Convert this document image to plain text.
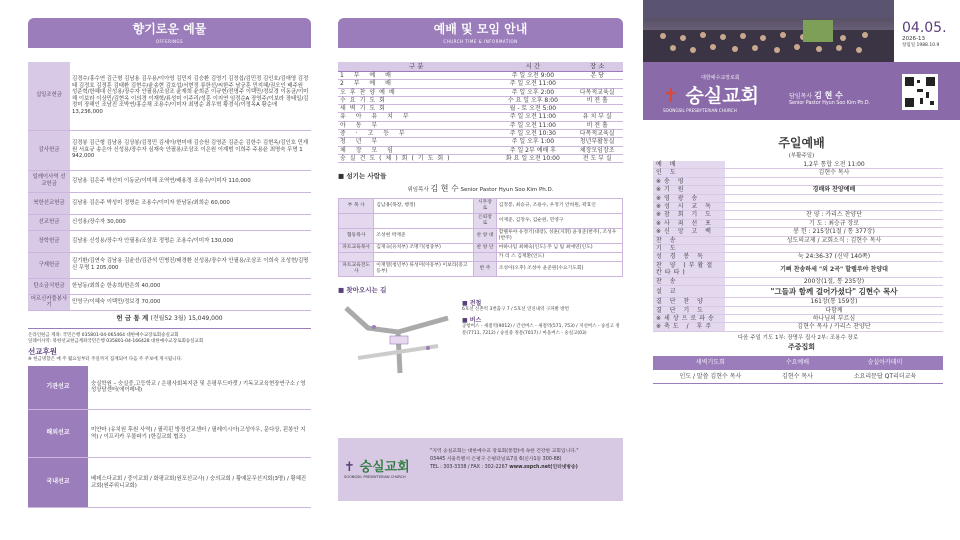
향기로운 예물
OFFERINGS
십일조헌금	김경수/홍수연 김근형 김남용 김우용/이아영 김민지 김승환 김영기 김정섭/김민정 김인호/김애영 김정태 김정호 김정훈 김태환 김현수/윤송현 김호섭/서현정 류한선/씨한주 남궁훈 민지혜/권오인 배주원 성준혁/한혜대 신성용/장수자 안필용/조삼조 윤재희 윤희준 이규현/전명주 이택만/정보경 이동균/이미해 이보라 이상민/김현옥 이의경 이재혁/류성미 이주리/성훈 이지연 임정순A 장영주/이보라 장태일/김정미 장해인 조남진 조박연/홍순채 조용수/이미자 최명순 최우혁 황경식/이정옥A 황순애 13,236,000
감사헌금	김경봉 김근형 김남용 김상봉/김정민 김세아/현미애 김승원 김영준 김준순 김한수 김현옥/김인호 민재원 서효규 송은아 신성용/장수자 심재숙 안필용/조삼조 이은원 이재범 이희주 주용윤 최명숙 무명 1 942,000
일례이사역 선교헌금	김남용 김은주 박선미 이동균/이미해 조역연/배용정 조용수/이미자 110,000
북한선교헌금	김남용 김은주 박성미 정명순 조용수/이미자 한남동/최희순 60,000
선교헌금	신성용/장수자 30,000
장학헌금	김남용 신성용/장수자 안필용/조삼조 정명순 조용수/이미자 130,000
구제헌금	김기환/김연숙 김남용 김윤선/김관석 민병진/배경환 신성용/장수자 안필용/조삼조 이희숙 조성현/김명신 무명 1 205,000
탄소금식헌금	한남동/최희순 한송희/한은희 40,000
어르신카풀봉사기	민영구/이혜숙 이택만/정보경 70,000
헌 금 통 계 (전월52 3월) 15,049,000	
온라인헌금 계좌: 국민은행 035801-04-065464 대한예수교장로회숭실교회
일례이사역: 북한선교헌금계좌국민은행 035801-04-166428 대한예수교장로회숭실교회
선교후원
※ 헌금명할은 매 주 월요일부터 주일까지 집계되어 다음 주 주보에 게시됩니다.
기관선교	숭실학원 – 숭실중,고등학교 / 은평사회복지관 및 은평푸드마켓 / 기독교교육현장연구소 / 영성상담센터(에이레네)
해외선교	미얀마 (유치원 후원 사역) / 필리핀 방정선교센터 / 필레이시아(고성아우, 문다상, 핀봉안 지역) / 이프리카 우물파기 (한길교회 협조)
국내선교	베데스다교회 / 중이교회 / 화평교회(원포선교사) / 숭의교회 / 황예문무선지회(3명) / 황혜진교회(원주위니교회)
예배 및 모임 안내
CHURCH TIME & INFORMATION
구 분	시 간	장 소
1 부 예 배	주 일 오전 9:00	본 당
2 부 예 배	주 일 오전 11:00	
오후찬양예배	주 일 오후 2:00	다목적교육실
수요기도회	수 요 일 오후 8:00	비 전 홀
새벽기도회	월 - 토 오전 5:00	
유 아 유 치 부	주 일 오전 11:00	유 치 부 실
아 동 부	주 일 오전 11:00	비 전 홀
중 · 고 등 부	주 일 오전 10:30	다목적교육실
청 년 부	주 일 오후 1:00	청년부활동실
체 장 모 임	주 일 2부 예배 후	체장모임장조
숭실건도(체)회(기도회)	화 요 일 오전 10:00	전 도 부 실
■ 섬기는 사람들
위임목사 김 현 수 Senior Pastor Hyun Soo Kim Ph.D.
부 목 사	김남용(목장, 행정)	시무장로	김정봉, 최승규, 조용수, 우정기 안희원, 곽효인
		은퇴장로	이재준, 김정우, 김순원, 민영구
협동목사	조성현 박재준	찬 양 대	할렐루야 유정기(대장), 성훈(지휘) 윤경준(반주), 조성우(반주)
파트교육목사	김재숙(유치부) 조명기(청중부)	찬 양 단	마하나임 최혜숙(인도) 주 님 팀 최애연(인도)
			카 리 스 김재환(인도)
파트교육전도사	이재열(청년부) 류성미(아동부) 이보라(중고등부)	반 주	조성아(오후) 조성아 윤준원(수요기도회)
■ 찾아오시는 길
■ 전철
6호선 신촌역 3번출구 7 / 5호선 연신내역 구파발 방면
■ 버스
공항버스 - 새절역(9012) / 간선버스 - 새절역(571, 753) / 지선버스 - 숭실고 정문(7711, 7212) / 숭실중 정문(7017) / 마을버스 - 숭실고(03)
✝ 숭실교회
SOONGSIL PRESBYTERIAN CHURCH
"지역 숭실교회는 대한예수교 장로회(통합)에 속한 건강한 교회입니다."
03445 서울특별시 은평구 은평터널로7길 6(신사1동 300-88)
TEL : 303-3338 / FAX : 302-2267 www.sspch.net(인터넷방송)
04.05.
2026-13
창립일 1988.10.9
대한예수교장로회
✝ 숭실교회
SOONGSIL PRESBYTERIAN CHURCH
담임목사 김 현 수
Senior Pastor Hyun Soo Kim Ph.D.
주일예배
(부활주일)
예 배	1,2부 통합 오전 11:00
인 도	김현수 목사
※송 영	
※기 원	경배와 찬양예배
※영 광 송	
※성 시 교 독	
※참 회 기 도	찬 양 : 카리스 찬양단
※사 죄 선 포	기 도 : 최승규 장로
※신 앙 고 백	봉 헌 : 215장(1절 / 통 377장)
찬 송	성도의교제 / 교회소식 : 김현수 목사
기 도	
성 경 봉 독	눅 24:36-37 (신약 140쪽)
찬 양 (부활절 칸타타)	기뻐 찬송하세 "외 2곡" 할렐루야 찬양대
찬 송	200장(1절, 통 235장)
설 교	"그들과 함께 걸어가셨다" 김현수 목사
결 단 찬 양	161장(통 159장)
결 단 기 도	다함께
※세상으로파송	하나님의 부르심
※축도 / 후주	김현수 목사 / 카리스 찬양단
다음 주일 기도 1부: 장명우 집사 2부: 조용수 장로
주중집회
새벽기도회	수요예배	숭실아카데미
인도 / 말씀 김현수 목사	김현수 목사	소요리문답 QT리더교육
